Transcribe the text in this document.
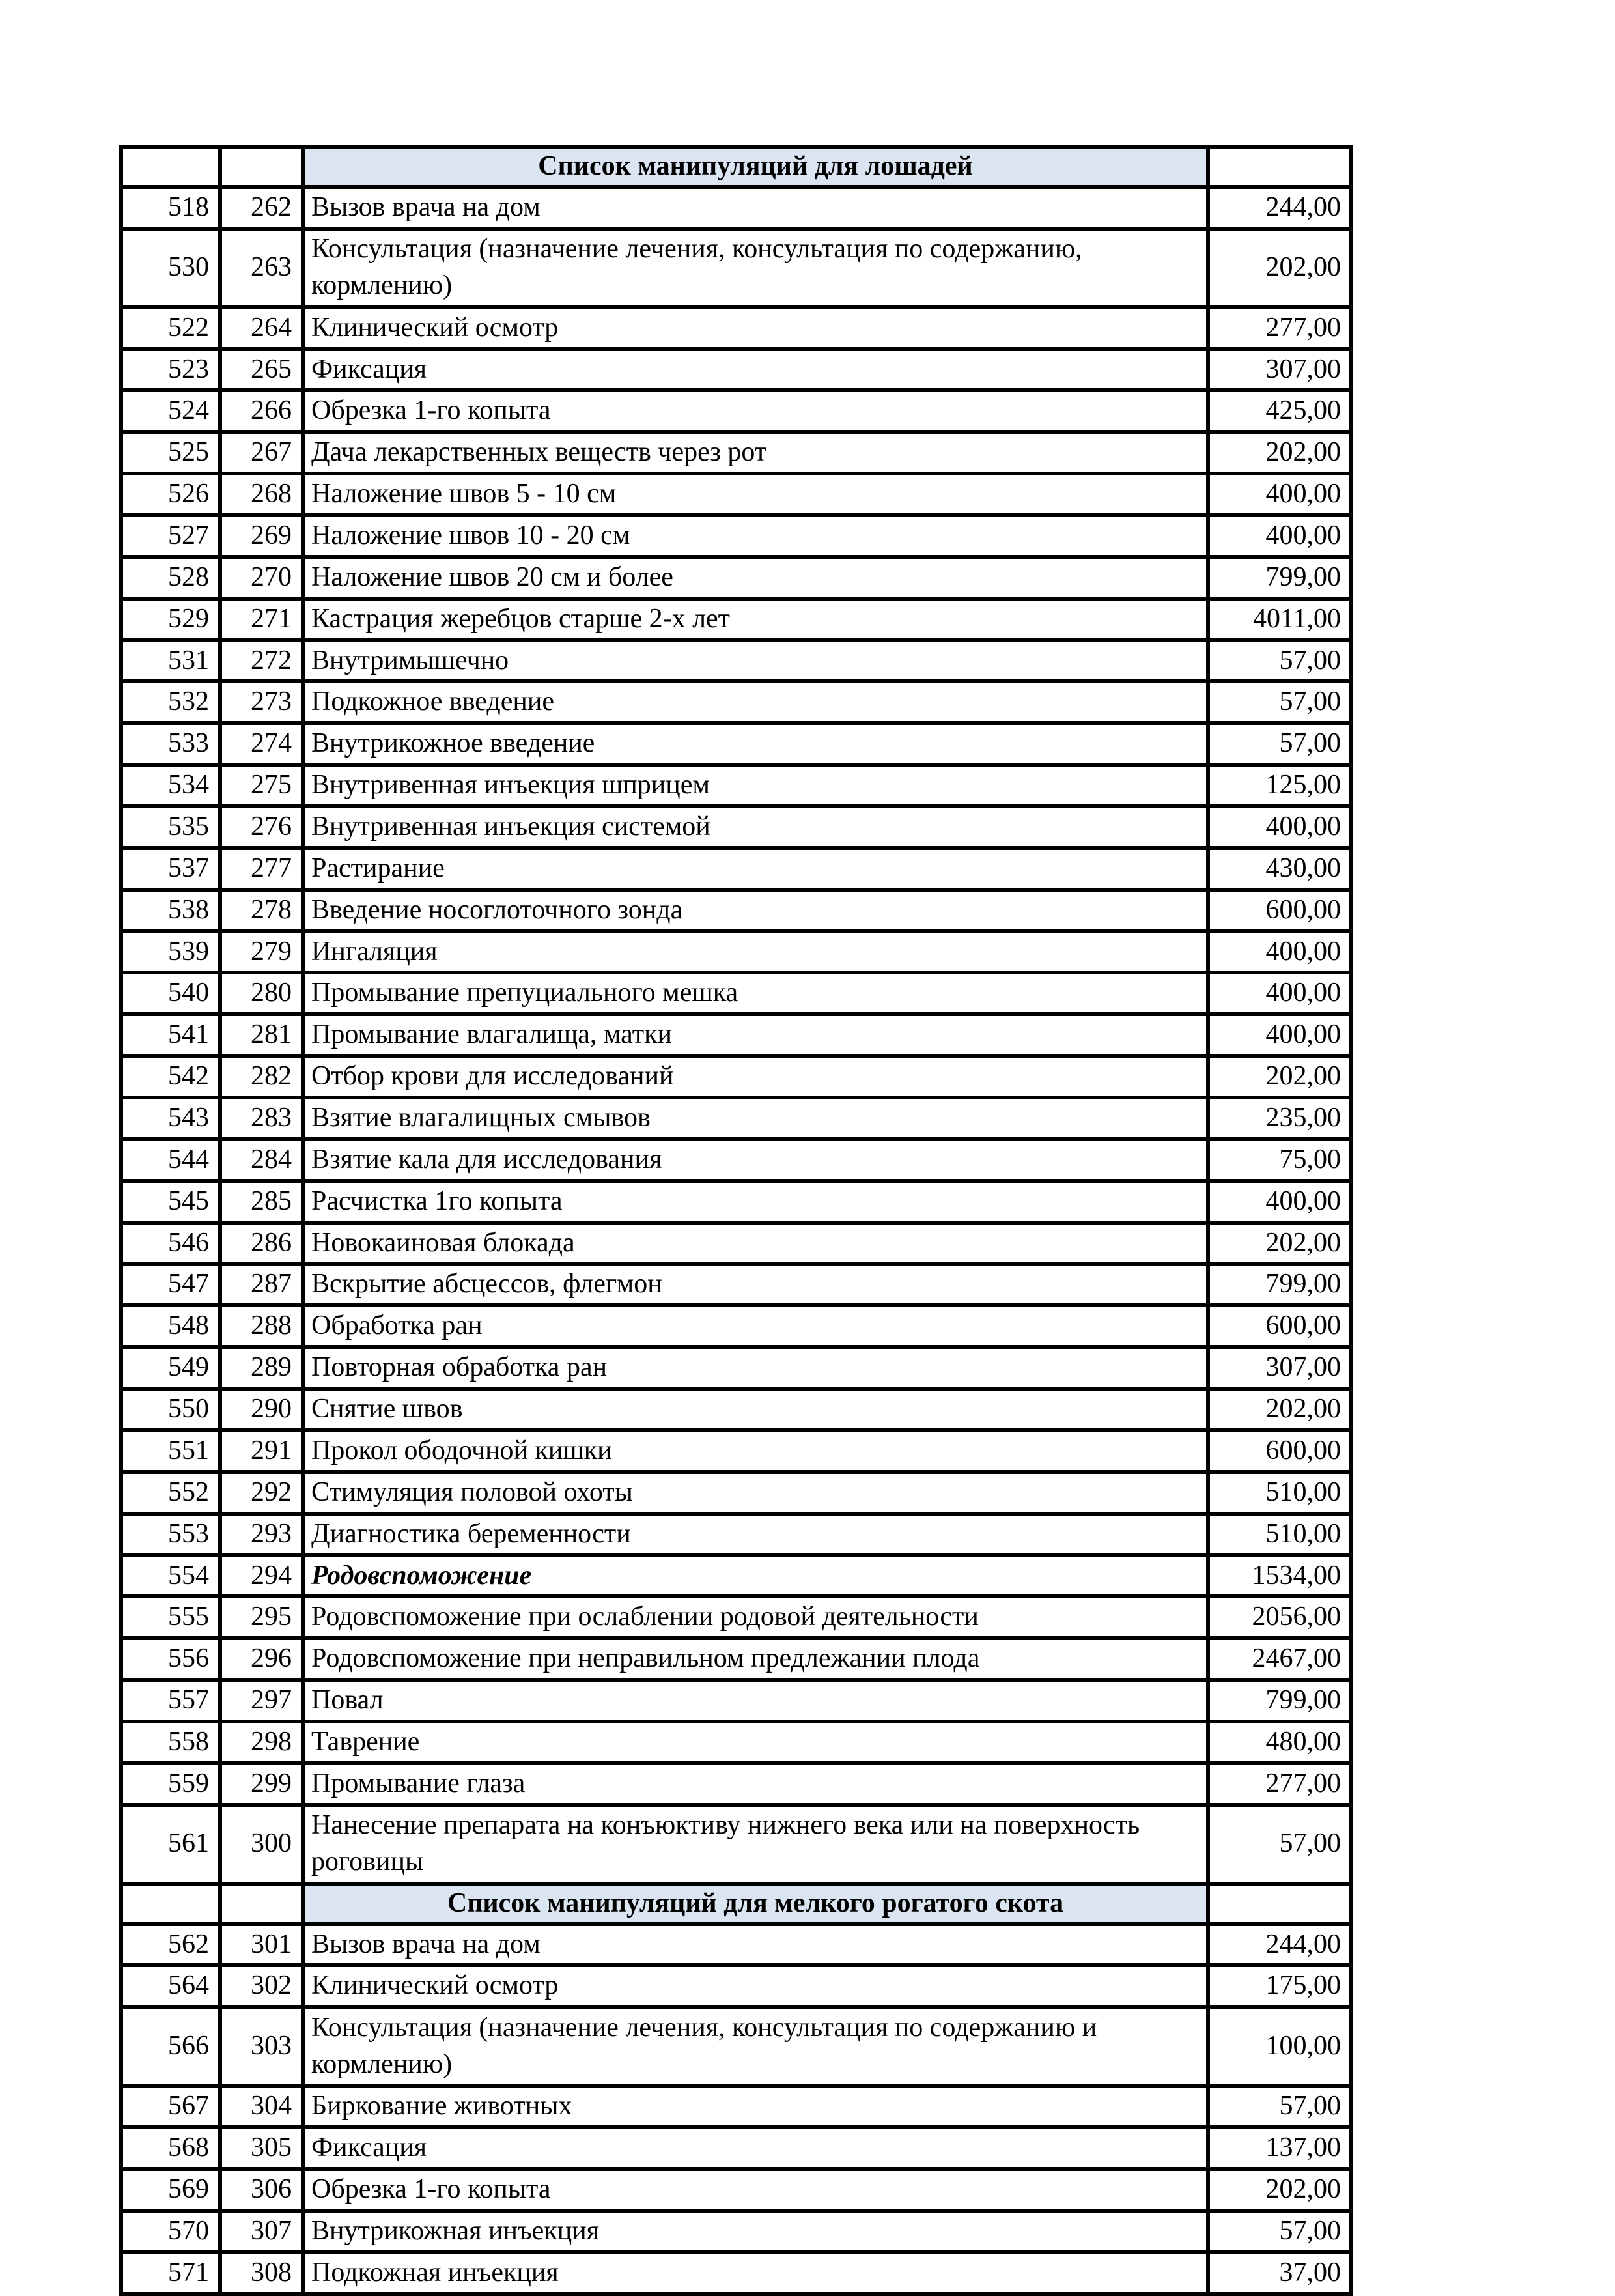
		Список манипуляций для лошадей	
518	262	Вызов врача на дом	244,00
530	263	Консультация (назначение лечения, консультация по содержанию, кормлению)	202,00
522	264	Клинический осмотр	277,00
523	265	Фиксация	307,00
524	266	Обрезка 1-го копыта	425,00
525	267	Дача лекарственных веществ через рот	202,00
526	268	Наложение швов 5 - 10 см	400,00
527	269	Наложение швов 10 - 20 см	400,00
528	270	Наложение швов 20 см и более	799,00
529	271	Кастрация жеребцов старше 2-х лет	4011,00
531	272	Внутримышечно	57,00
532	273	Подкожное введение	57,00
533	274	Внутрикожное введение	57,00
534	275	Внутривенная инъекция шприцем	125,00
535	276	Внутривенная инъекция системой	400,00
537	277	Растирание	430,00
538	278	Введение носоглоточного зонда	600,00
539	279	Ингаляция	400,00
540	280	Промывание препуциального мешка	400,00
541	281	Промывание влагалища, матки	400,00
542	282	Отбор крови для исследований	202,00
543	283	Взятие влагалищных смывов	235,00
544	284	Взятие кала для исследования	75,00
545	285	Расчистка 1го копыта	400,00
546	286	Новокаиновая блокада	202,00
547	287	Вскрытие абсцессов, флегмон	799,00
548	288	Обработка ран	600,00
549	289	Повторная обработка ран	307,00
550	290	Снятие швов	202,00
551	291	Прокол ободочной кишки	600,00
552	292	Стимуляция половой охоты	510,00
553	293	Диагностика беременности	510,00
554	294	Родовспоможение	1534,00
555	295	Родовспоможение при ослаблении родовой деятельности	2056,00
556	296	Родовспоможение при неправильном предлежании плода	2467,00
557	297	Повал	799,00
558	298	Таврение	480,00
559	299	Промывание глаза	277,00
561	300	Нанесение препарата на конъюктиву нижнего века или на поверхность роговицы	57,00
		Список манипуляций для мелкого рогатого скота	
562	301	Вызов врача на дом	244,00
564	302	Клинический осмотр	175,00
566	303	Консультация (назначение лечения, консультация по содержанию и кормлению)	100,00
567	304	Биркование животных	57,00
568	305	Фиксация	137,00
569	306	Обрезка 1-го копыта	202,00
570	307	Внутрикожная инъекция	57,00
571	308	Подкожная инъекция	37,00
